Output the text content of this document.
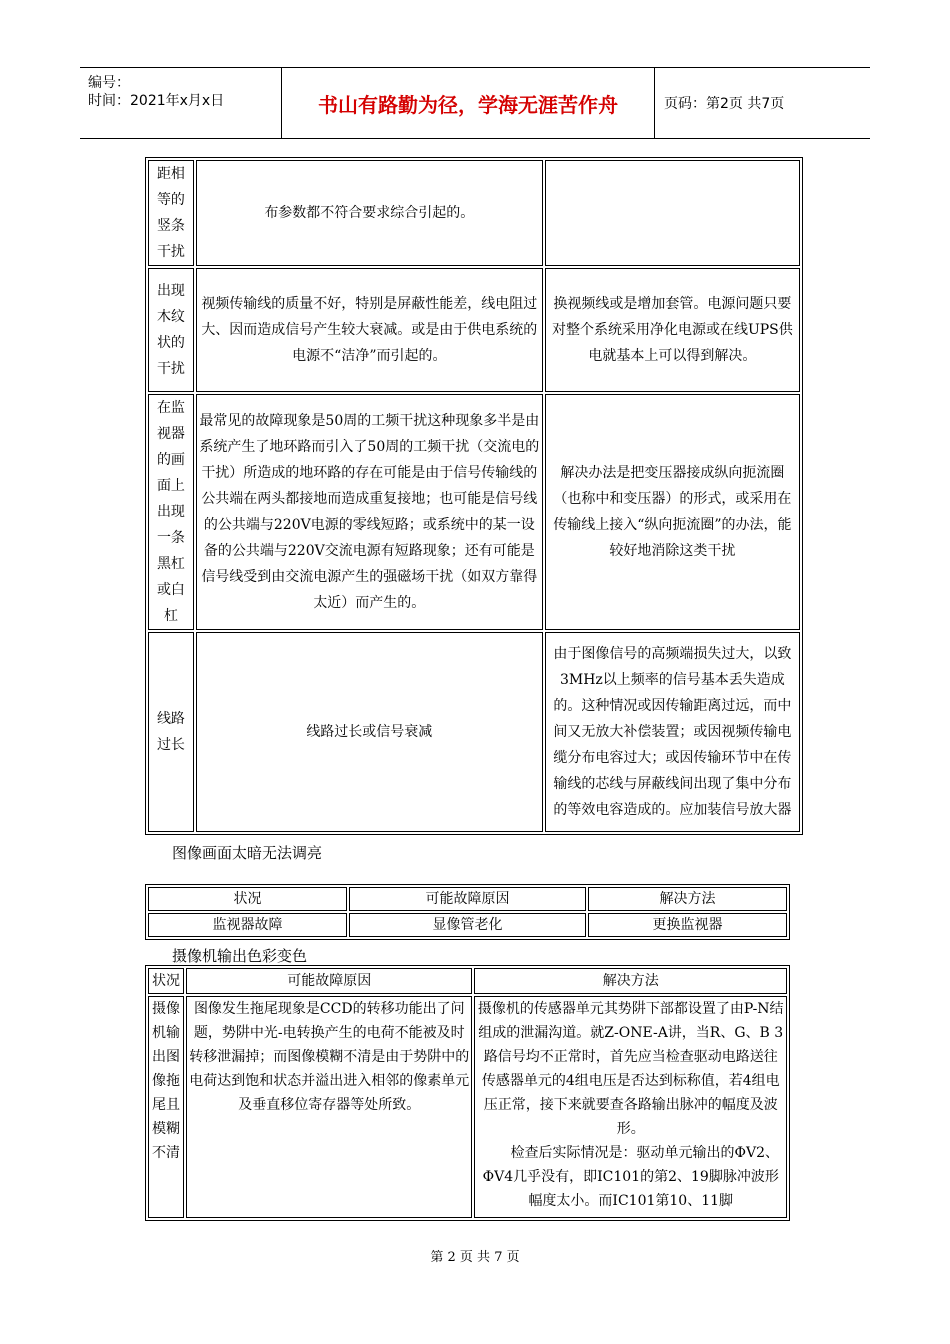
编号：
时间：2021年x月x日	书山有路勤为径，学海无涯苦作舟	页码：第2页 共7页
距相等的竖条干扰	布参数都不符合要求综合引起的。	
出现木纹状的干扰	视频传输线的质量不好，特别是屏蔽性能差，线电阻过大、因而造成信号产生较大衰减。或是由于供电系统的电源不“洁净”而引起的。	换视频线或是增加套管。电源问题只要对整个系统采用净化电源或在线UPS供电就基本上可以得到解决。
在监视器的画面上出现一条黑杠或白杠	最常见的故障现象是50周的工频干扰这种现象多半是由系统产生了地环路而引入了50周的工频干扰（交流电的干扰）所造成的地环路的存在可能是由于信号传输线的公共端在两头都接地而造成重复接地；也可能是信号线的公共端与220V电源的零线短路；或系统中的某一设备的公共端与220V交流电源有短路现象；还有可能是信号线受到由交流电源产生的强磁场干扰（如双方靠得太近）而产生的。	解决办法是把变压器接成纵向扼流圈（也称中和变压器）的形式，或采用在传输线上接入“纵向扼流圈”的办法，能较好地消除这类干扰
线路过长	线路过长或信号衰减	由于图像信号的高频端损失过大，以致3MHz以上频率的信号基本丢失造成的。这种情况或因传输距离过远，而中间又无放大补偿装置；或因视频传输电缆分布电容过大；或因传输环节中在传输线的芯线与屏蔽线间出现了集中分布的等效电容造成的。应加装信号放大器
图像画面太暗无法调亮
状况	可能故障原因	解决方法
监视器故障	显像管老化	更换监视器
摄像机输出色彩变色
状况	可能故障原因	解决方法
摄像机输出图像拖尾且模糊不清	图像发生拖尾现象是CCD的转移功能出了问题，势阱中光-电转换产生的电荷不能被及时转移泄漏掉；而图像模糊不清是由于势阱中的电荷达到饱和状态并溢出进入相邻的像素单元及垂直移位寄存器等处所致。	摄像机的传感器单元其势阱下部都设置了由P-N结组成的泄漏沟道。就Z-ONE-A讲，当R、G、B 3路信号均不正常时，首先应当检查驱动电路送往传感器单元的4组电压是否达到标称值，若4组电压正常，接下来就要查各路输出脉冲的幅度及波形。
检查后实际情况是：驱动单元输出的ΦV2、ΦV4几乎没有，即IC101的第2、19脚脉冲波形幅度太小。而IC101第10、11脚
第 2 页 共 7 页
